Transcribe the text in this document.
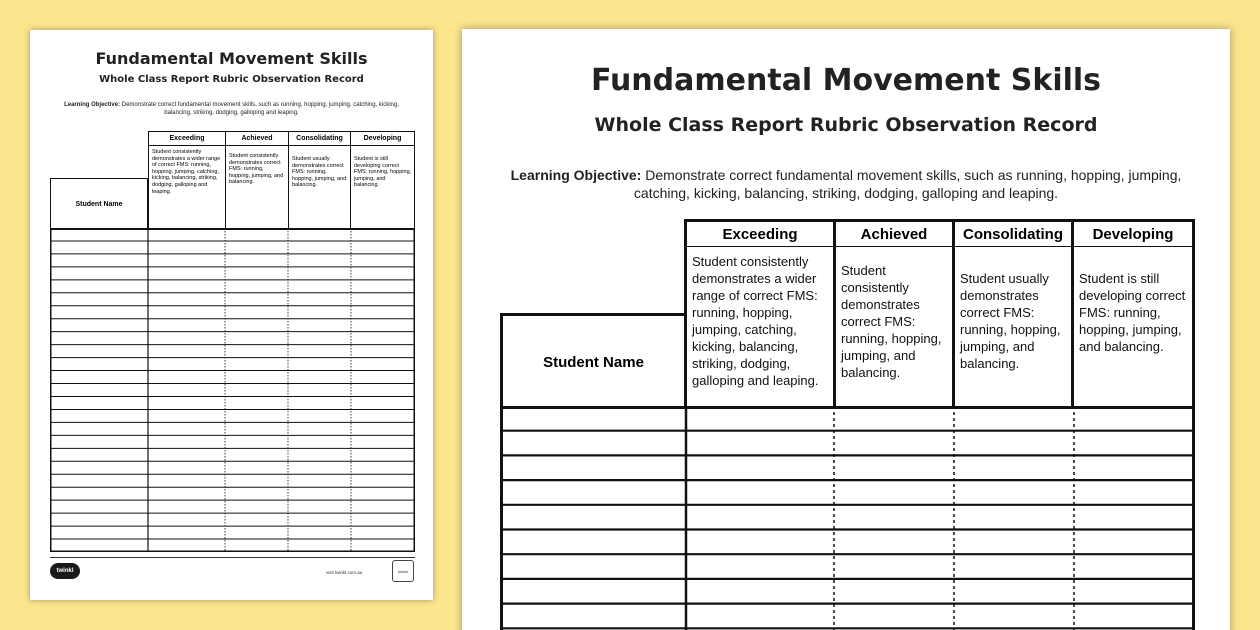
Fundamental Movement Skills
Whole Class Report Rubric Observation Record
Learning Objective: Demonstrate correct fundamental movement skills, such as running, hopping, jumping, catching, kicking, balancing, striking, dodging, galloping and leaping.
Exceeding
Student consistently demonstrates a wider range of correct FMS: running, hopping, jumping, catching, kicking, balancing, striking, dodging, galloping and leaping.
Achieved
Student consistently demonstrates correct FMS: running, hopping, jumping, and balancing.
Consolidating
Student usually demonstrates correct FMS: running, hopping, jumping, and balancing.
Developing
Student is still developing correct FMS: running, hopping, jumping, and balancing.
Student Name
twinkl	visit twinkl.com.au	twinkl
Fundamental Movement Skills
Whole Class Report Rubric Observation Record
Learning Objective: Demonstrate correct fundamental movement skills, such as running, hopping, jumping, catching, kicking, balancing, striking, dodging, galloping and leaping.
Exceeding
Student consistently demonstrates a wider range of correct FMS: running, hopping, jumping, catching, kicking, balancing, striking, dodging, galloping and leaping.
Achieved
Student consistently demonstrates correct FMS: running, hopping, jumping, and balancing.
Consolidating
Student usually demonstrates correct FMS: running, hopping, jumping, and balancing.
Developing
Student is still developing correct FMS: running, hopping, jumping, and balancing.
Student Name
